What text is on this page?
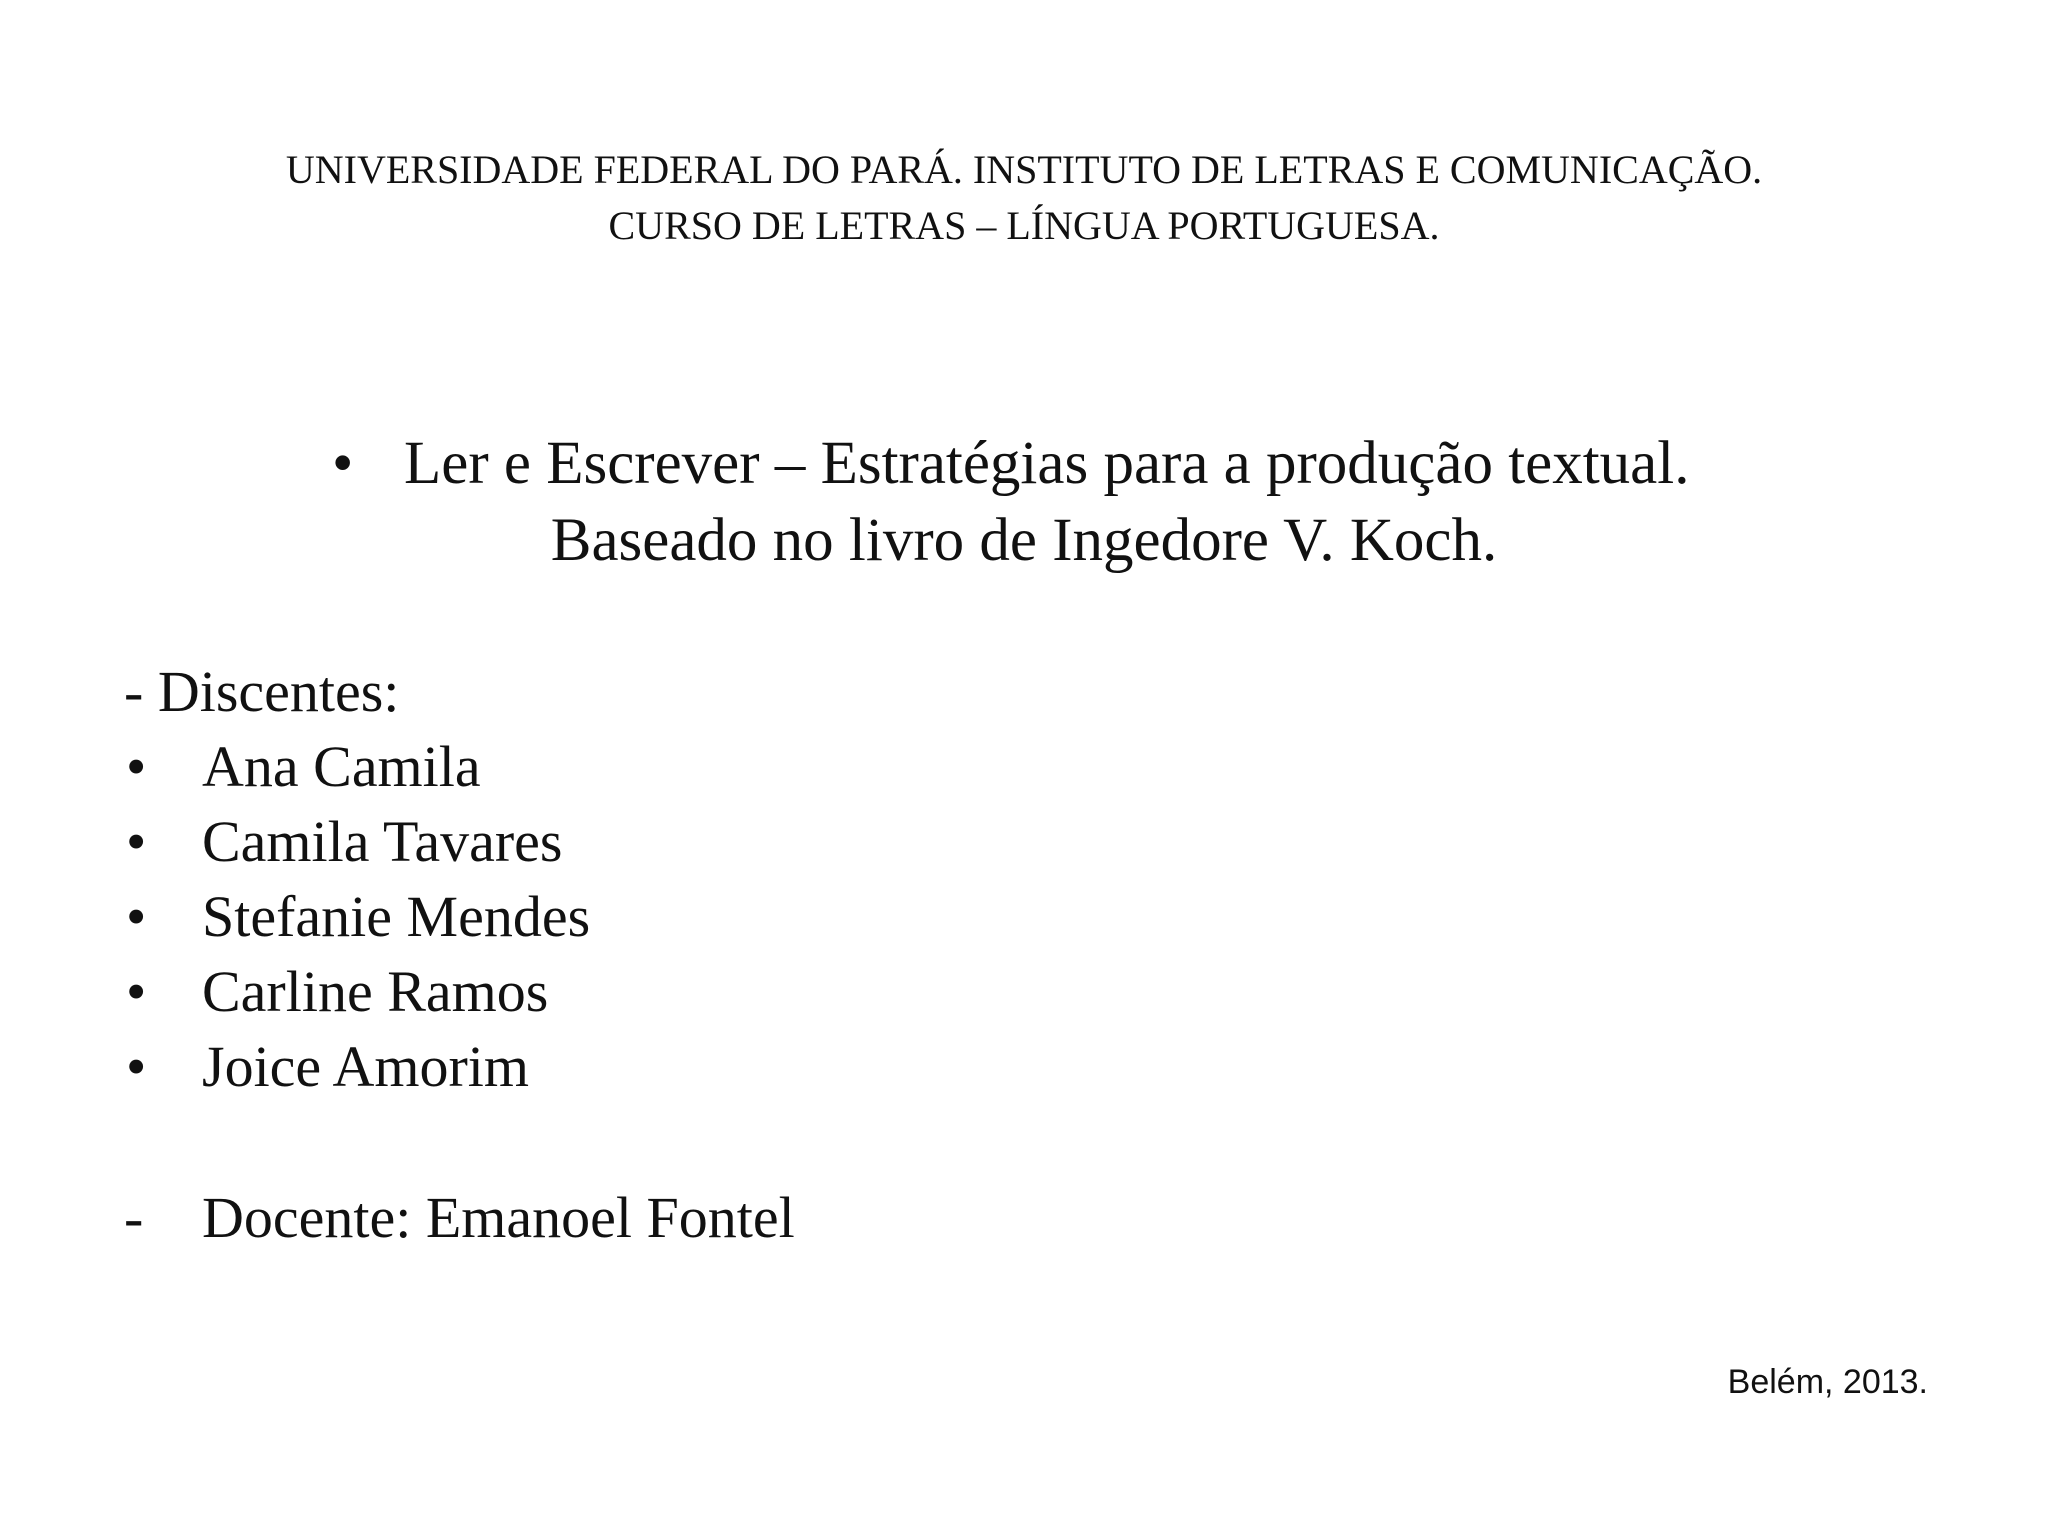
UNIVERSIDADE FEDERAL DO PARÁ. INSTITUTO DE LETRAS E COMUNICAÇÃO.
CURSO DE LETRAS – LÍNGUA PORTUGUESA.
• Ler e Escrever – Estratégias para a produção textual.
Baseado no livro de Ingedore V. Koch.
- Discentes:
• Ana Camila
• Camila Tavares
• Stefanie Mendes
• Carline Ramos
• Joice Amorim
- Docente: Emanoel Fontel
Belém, 2013.
